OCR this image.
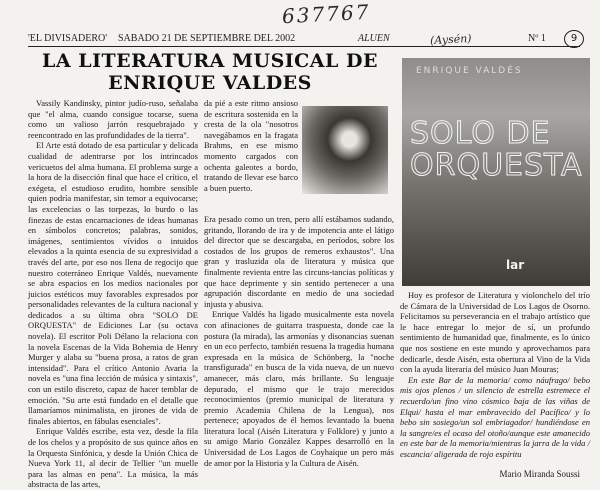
637767
'EL DIVISADERO' SABADO 21 DE SEPTIEMBRE DEL 2002	ALUEN	Nº 1
(Aysén)	9
LA LITERATURA MUSICAL DE ENRIQUE VALDES

Vassily Kandinsky, pintor judío-ruso, señalaba que "el alma, cuando consigue tocarse, suena como un valioso jarrón resquebrajado y reencontrado en las profundidades de la tierra".

El Arte está dotado de esa particular y delicada cualidad de adentrarse por los intrincados vericuetos del alma humana. El problema surge a la hora de la disección final que hace el crítico, el exégeta, el estudioso erudito, hombre sensible quien podría manifestar, sin temor a equivocarse; las excelencias o las torpezas, lo burdo o las finezas de estas encarnaciones de ideas humanas en símbolos concretos; palabras, sonidos, imágenes, sentimientos vívidos o intuidos elevados a la quinta esencia de su expresividad a través del arte, por eso nos llena de regocijo que nuestro coterráneo Enrique Valdés, nuevamente se abra espacios en los medios nacionales por juicios estéticos muy favorables expresados por personalidades relevantes de la cultura nacional y dedicados a su última obra "SOLO DE ORQUESTA" de Ediciones Lar (su octava novela). El escritor Poli Délano la relaciona con la novela Escenas de la Vida Bohemia de Henry Murger y alaba su "buena prosa, a ratos de gran intensidad". Para el crítico Antonio Avaria la novela es "una fina lección de música y sintaxis", con un estilo discreto, capaz de hacer temblar de emoción. "Su arte está fundado en el detalle que llamaríamos minimalista, en jirones de vida de finales abiertos, en fábulas esenciales".

Enrique Valdés escribe, esta vez, desde la fila de los chelos y a propósito de sus quince años en la Orquesta Sinfónica, y desde la Unión Chica de Nueva York 11, al decir de Tellier "un muelle para las almas en pena". La música, la más abstracta de las artes,

da pié a este ritmo ansioso de escritura sostenida en la cresta de la ola "nosotros navegábamos en la fragata Brahms, en ese mismo momento cargados con ochenta galeotes a bordo, tratando de llevar ese barco a buen puerto.

Era pesado como un tren, pero allí estábamos sudando, gritando, llorando de ira y de impotencia ante el látigo del director que se descargaba, en períodos, sobre los costados de los grupos de remeros exhaustos". Una gran y trasluzida ola de literatura y música que finalmente revienta entre las circuns-tancias políticas y que hace deprimente y sin sentido pertenecer a una agrupación discordante en medio de una sociedad injusta y abusiva.

Enrique Valdés ha ligado musicalmente esta novela con afinaciones de guitarra traspuesta, donde cae la postura (la mirada), las armonías y disonancias suenan en un eco perfecto, también resuena la tragedia humana expresada en la música de Schönberg, la "noche transfigurada" en busca de la vida nueva, de un nuevo amanecer, más claro, más brillante. Su lenguaje depurado, el mismo que le trajo merecidos reconocimientos (premio municipal de literatura y premio Academia Chilena de la Lengua), nos pertenece; apoyados de él hemos levantado la buena literatura local (Aisén Literatura y Folklore) y junto a su amigo Mario González Kappes desarrolló en la Universidad de Los Lagos de Coyhaique un pero más de amor por la Historia y la Cultura de Aisén.

ENRIQUE VALDÉS
SOLO DE ORQUESTA
lar

Hoy es profesor de Literatura y violonchelo del trío de Cámara de la Universidad de Los Lagos de Osorno. Felicitamos su perseverancia en el trabajo artístico que le hace entregar lo mejor de sí, un profundo sentimiento de humanidad que, finalmente, es lo único que nos sostiene en este mundo y aprovechamos para dedicarle, desde Aisén, esta obertura al Vino de la Vida con la ayuda literaria del músico Juan Mouras;

En este Bar de la memoria/ como náufrago/ bebo mis ojos plenos / un silencio de estrella estremece el recuerdo/un fino vino cósmico baja de las viñas de Elqui/ hasta el mar embravecido del Pacífico/ y lo bebo sin sosiego/un sol embriagador/ hundiéndose en la sangre/es el ocaso del otoño/aunque este amanecido en este bar de la memoria/mientras la jarra de la vida / escancia/ aligerada de rojo espíritu

Mario Miranda Soussi
